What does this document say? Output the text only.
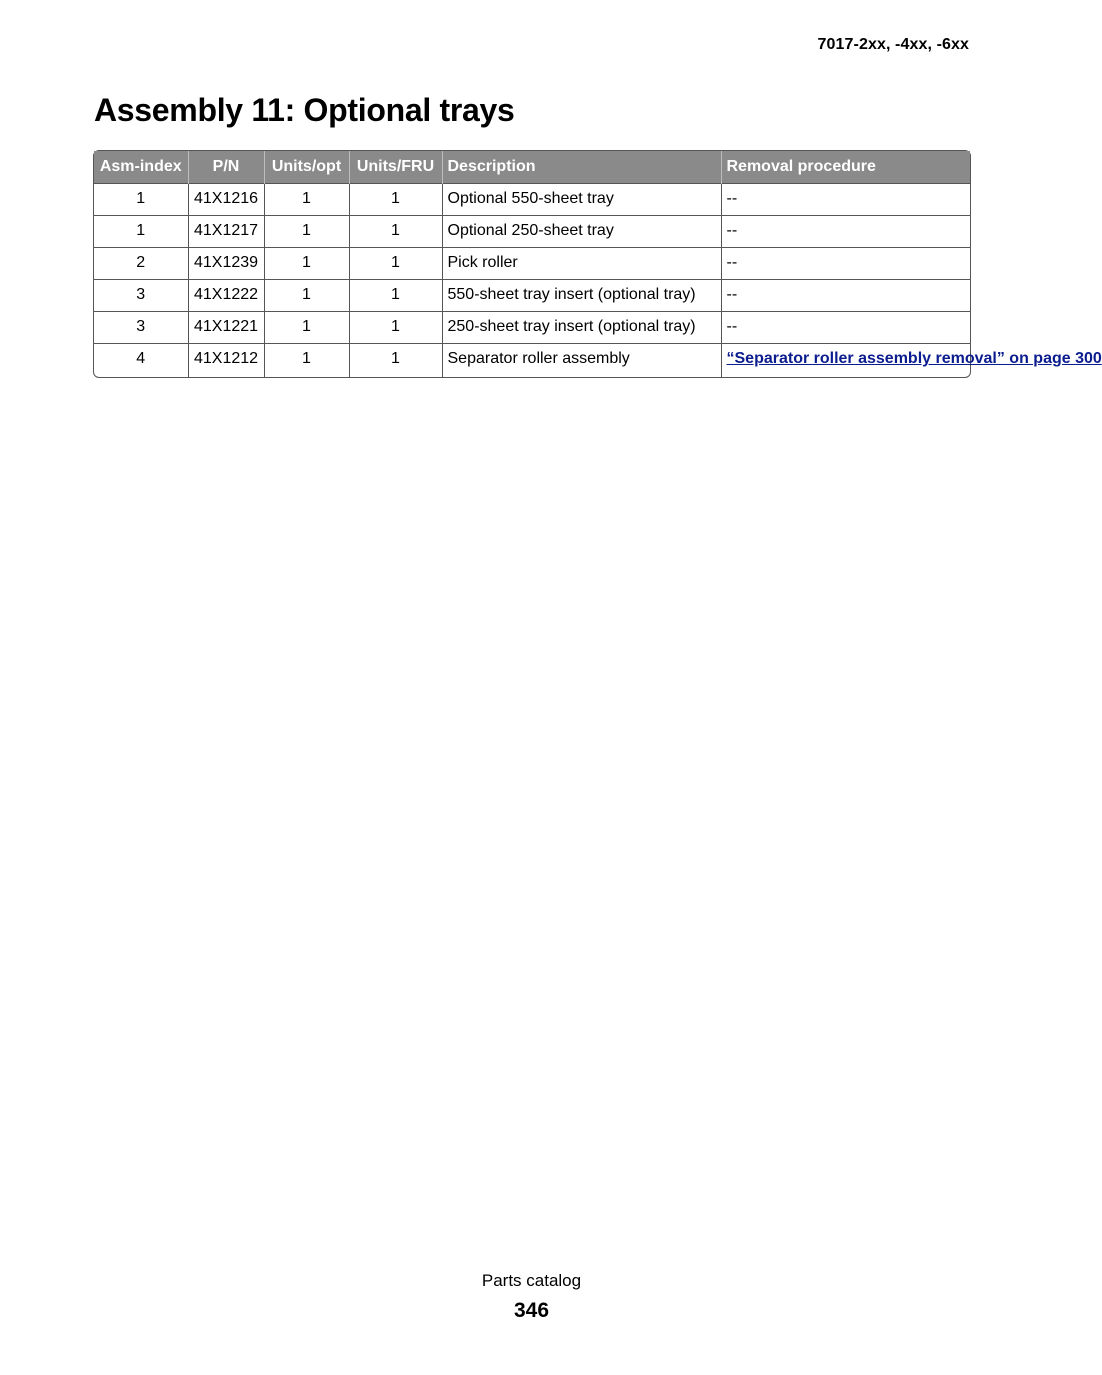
7017-2xx, -4xx, -6xx
Assembly 11: Optional trays
Asm-index	P/N	Units/opt	Units/FRU	Description	Removal procedure
1	41X1216	1	1	Optional 550-sheet tray	--
1	41X1217	1	1	Optional 250-sheet tray	--
2	41X1239	1	1	Pick roller	--
3	41X1222	1	1	550-sheet tray insert (optional tray)	--
3	41X1221	1	1	250-sheet tray insert (optional tray)	--
4	41X1212	1	1	Separator roller assembly	“Separator roller assembly removal” on page 300
Parts catalog
346
